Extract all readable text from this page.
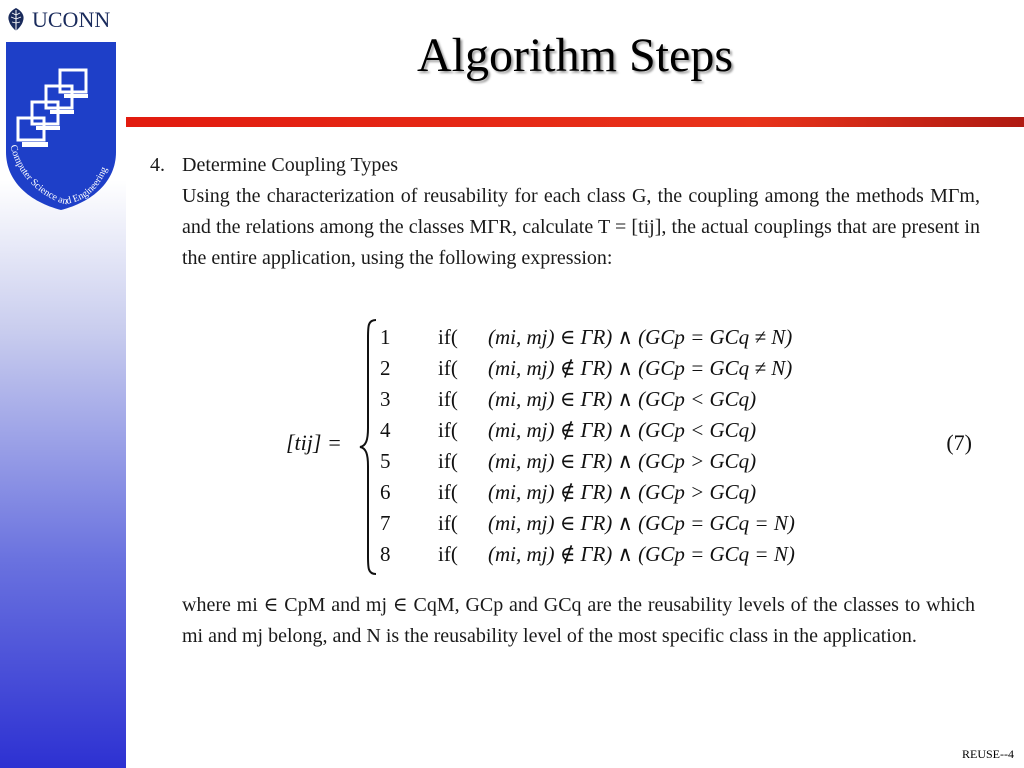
UCONN
Computer Science and Engineering
Algorithm Steps
4. Determine Coupling Types
Using the characterization of reusability for each class G, the coupling among the methods MΓm, and the relations among the classes MΓR, calculate T = [tij], the actual couplings that are present in the entire application, using the following expression:
[tij] =
1	if(	(mi, mj) ∈ ΓR) ∧ (GCp = GCq ≠ N)
2	if(	(mi, mj) ∉ ΓR) ∧ (GCp = GCq ≠ N)
3	if(	(mi, mj) ∈ ΓR) ∧ (GCp < GCq)
4	if(	(mi, mj) ∉ ΓR) ∧ (GCp < GCq)
5	if(	(mi, mj) ∈ ΓR) ∧ (GCp > GCq)
6	if(	(mi, mj) ∉ ΓR) ∧ (GCp > GCq)
7	if(	(mi, mj) ∈ ΓR) ∧ (GCp = GCq = N)
8	if(	(mi, mj) ∉ ΓR) ∧ (GCp = GCq = N)
(7)
where mi ∈ CpM and mj ∈ CqM, GCp and GCq are the reusability levels of the classes to which mi and mj belong, and N is the reusability level of the most specific class in the application.
REUSE--4
